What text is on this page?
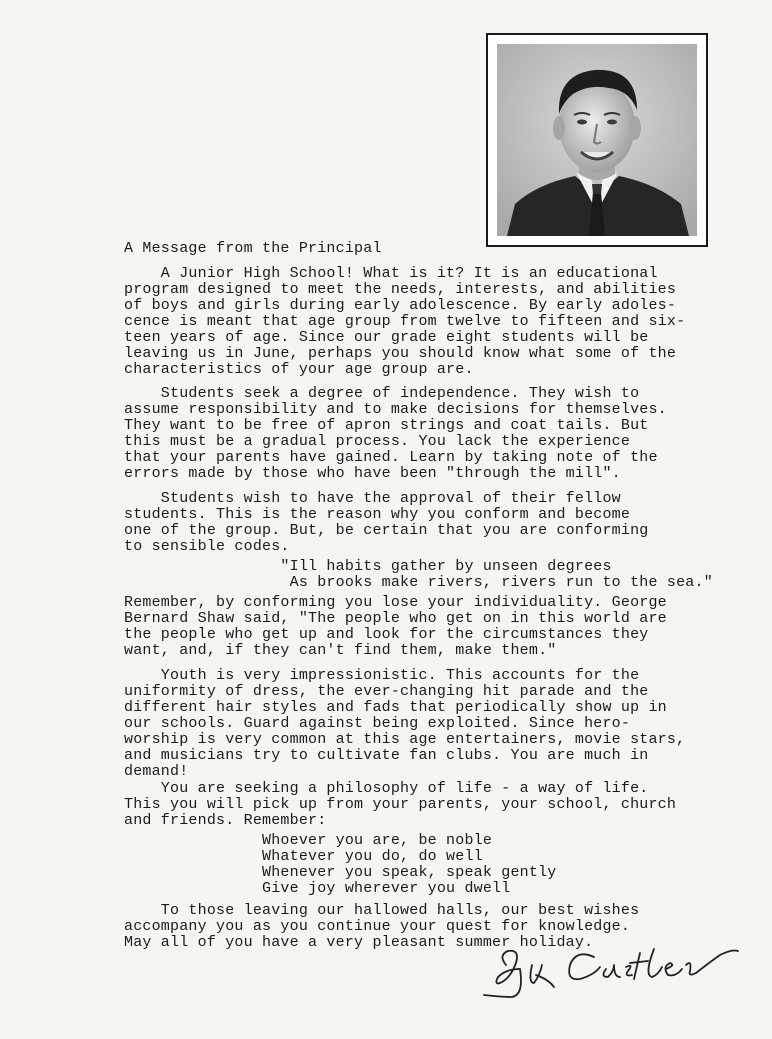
A Message from the Principal
A Junior High School! What is it? It is an educational
program designed to meet the needs, interests, and abilities
of boys and girls during early adolescence. By early adoles-
cence is meant that age group from twelve to fifteen and six-
teen years of age. Since our grade eight students will be
leaving us in June, perhaps you should know what some of the
characteristics of your age group are.
Students seek a degree of independence. They wish to
assume responsibility and to make decisions for themselves.
They want to be free of apron strings and coat tails. But
this must be a gradual process. You lack the experience
that your parents have gained. Learn by taking note of the
errors made by those who have been "through the mill".
Students wish to have the approval of their fellow
students. This is the reason why you conform and become
one of the group. But, be certain that you are conforming
to sensible codes.
"Ill habits gather by unseen degrees
As brooks make rivers, rivers run to the sea."
Remember, by conforming you lose your individuality. George
Bernard Shaw said, "The people who get on in this world are
the people who get up and look for the circumstances they
want, and, if they can't find them, make them."
Youth is very impressionistic. This accounts for the
uniformity of dress, the ever-changing hit parade and the
different hair styles and fads that periodically show up in
our schools. Guard against being exploited. Since hero-
worship is very common at this age entertainers, movie stars,
and musicians try to cultivate fan clubs. You are much in
demand!
You are seeking a philosophy of life - a way of life.
This you will pick up from your parents, your school, church
and friends. Remember:
Whoever you are, be noble
Whatever you do, do well
Whenever you speak, speak gently
Give joy wherever you dwell
To those leaving our hallowed halls, our best wishes
accompany you as you continue your quest for knowledge.
May all of you have a very pleasant summer holiday.
